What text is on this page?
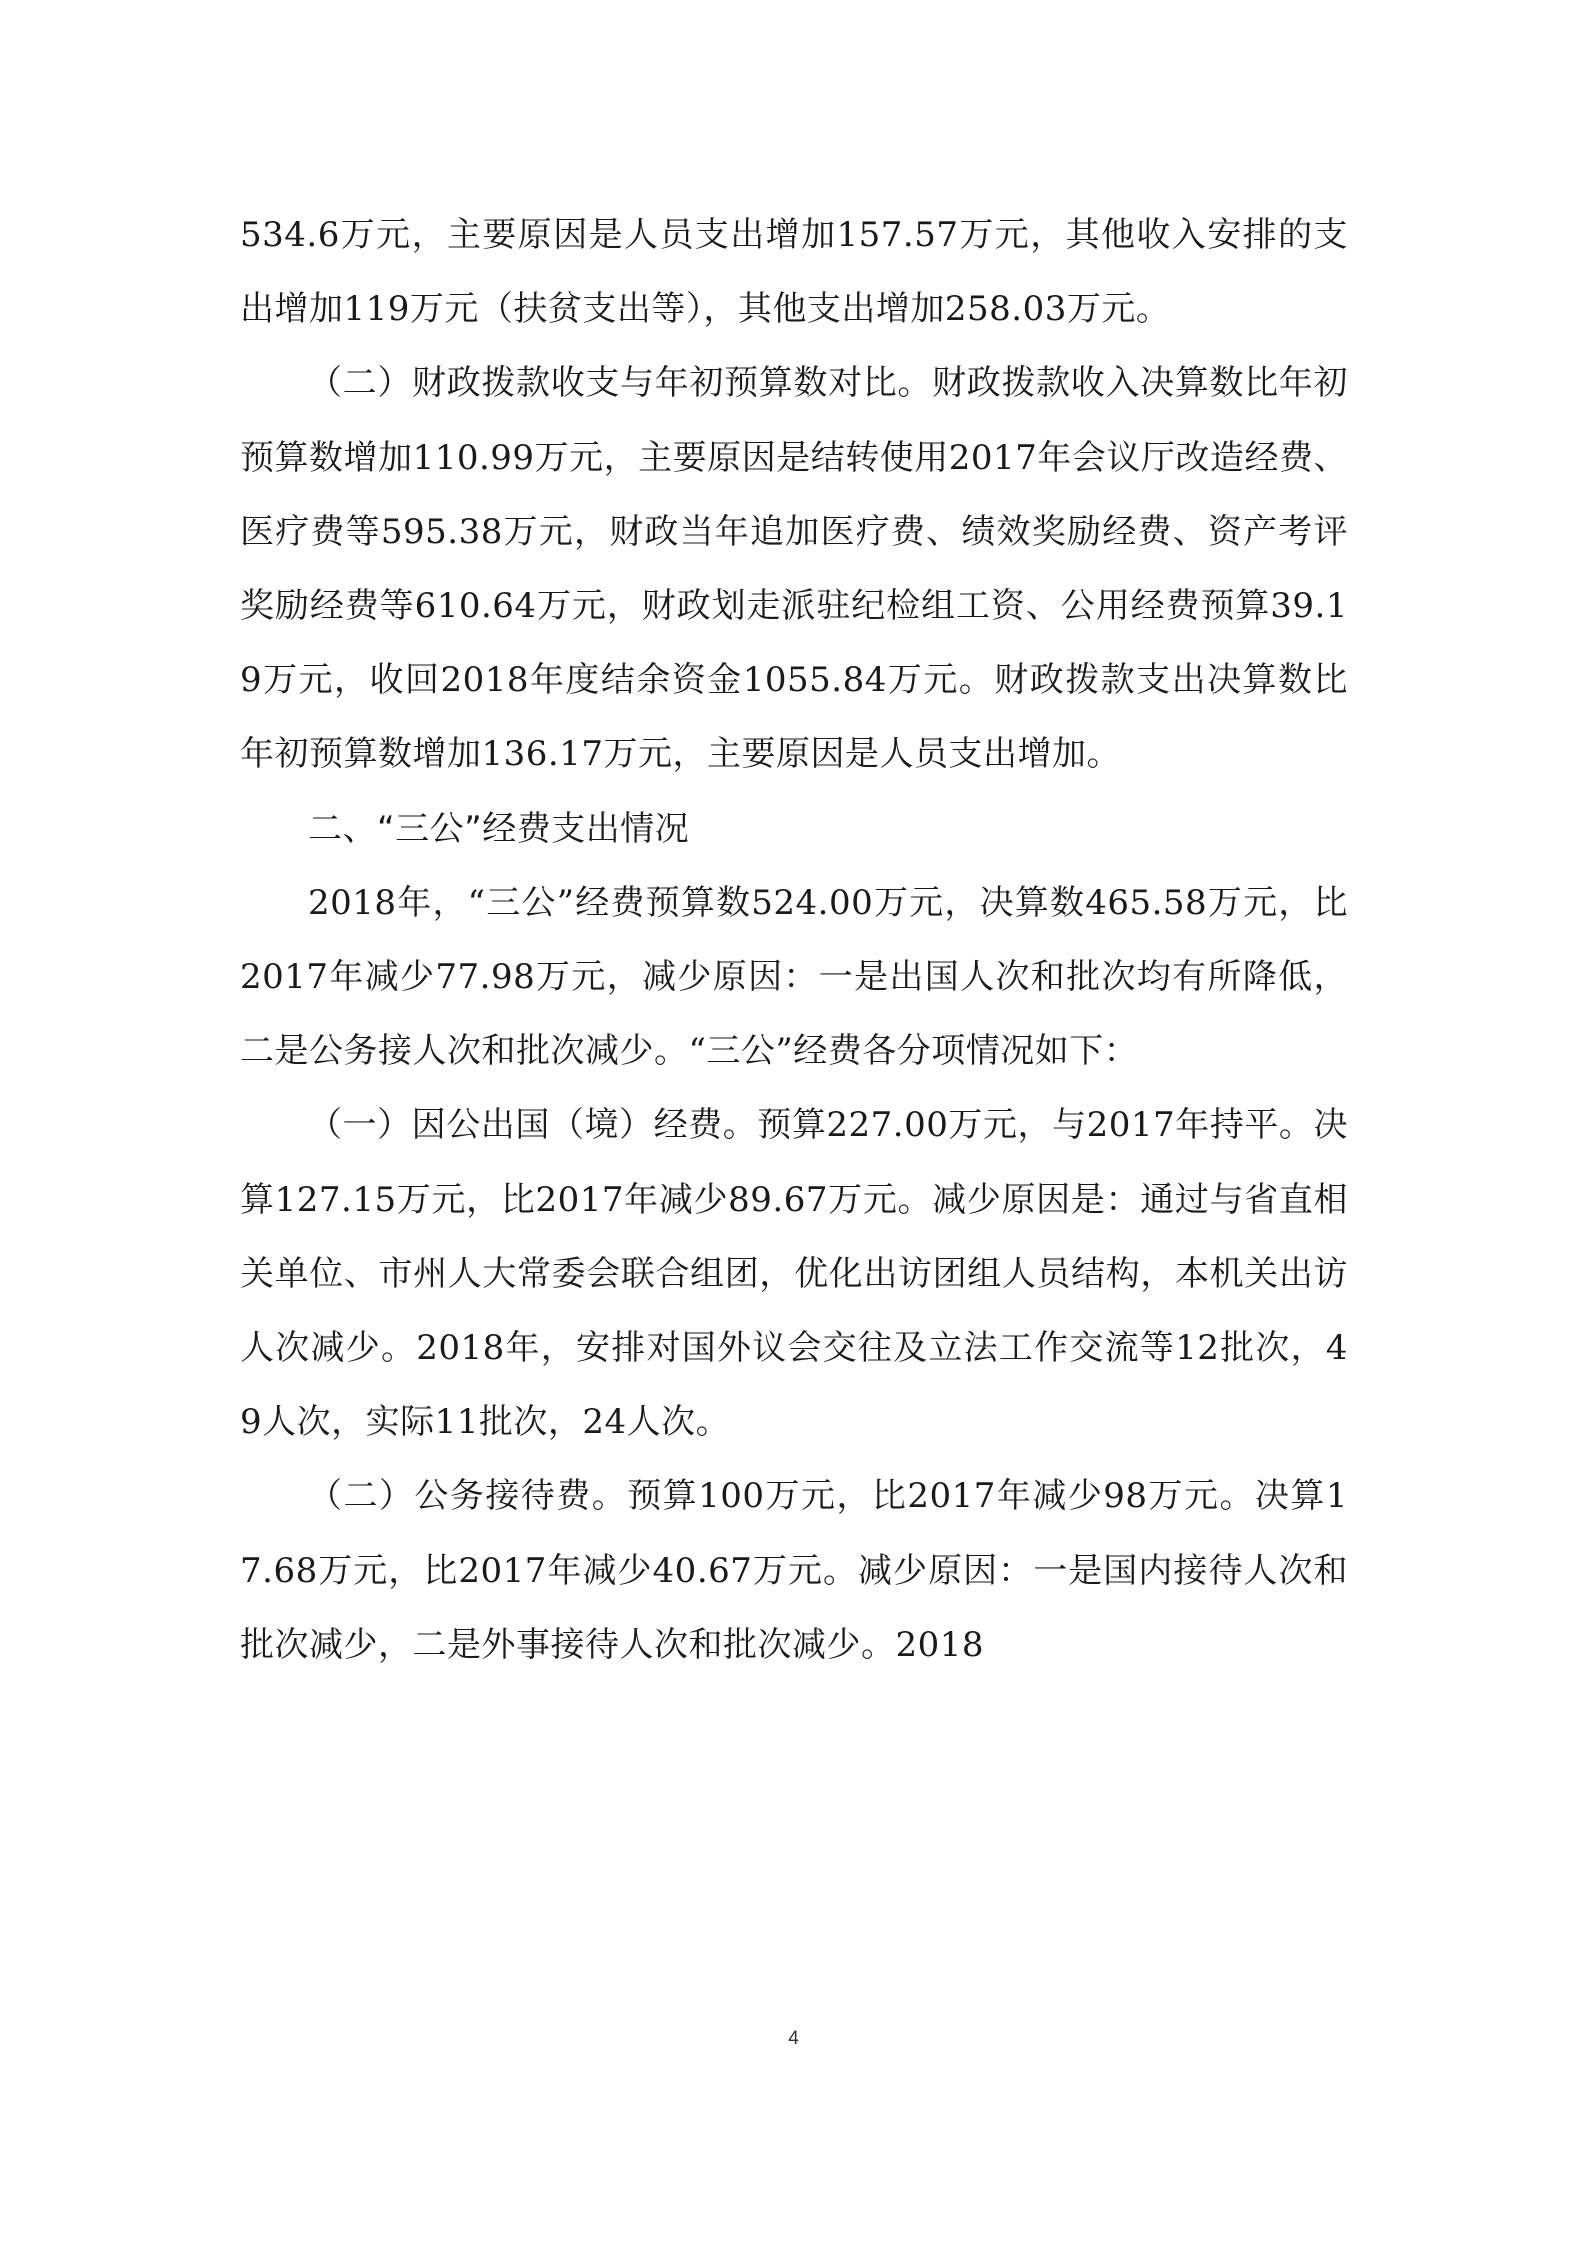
534.6万元，主要原因是人员支出增加157.57万元，其他收入安排的支出增加119万元（扶贫支出等），其他支出增加258.03万元。

（二）财政拨款收支与年初预算数对比。财政拨款收入决算数比年初预算数增加110.99万元，主要原因是结转使用2017年会议厅改造经费、医疗费等595.38万元，财政当年追加医疗费、绩效奖励经费、资产考评奖励经费等610.64万元，财政划走派驻纪检组工资、公用经费预算39.19万元，收回2018年度结余资金1055.84万元。财政拨款支出决算数比年初预算数增加136.17万元，主要原因是人员支出增加。

二、“三公”经费支出情况

2018年，“三公”经费预算数524.00万元，决算数465.58万元，比2017年减少77.98万元，减少原因：一是出国人次和批次均有所降低，二是公务接人次和批次减少。“三公”经费各分项情况如下：

（一）因公出国（境）经费。预算227.00万元，与2017年持平。决算127.15万元，比2017年减少89.67万元。减少原因是：通过与省直相关单位、市州人大常委会联合组团，优化出访团组人员结构，本机关出访人次减少。2018年，安排对国外议会交往及立法工作交流等12批次，49人次，实际11批次，24人次。

（二）公务接待费。预算100万元，比2017年减少98万元。决算17.68万元，比2017年减少40.67万元。减少原因：一是国内接待人次和批次减少，二是外事接待人次和批次减少。2018

4
